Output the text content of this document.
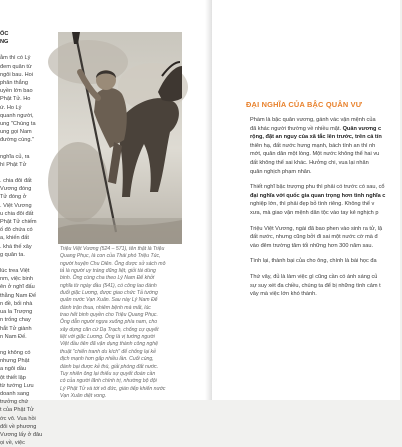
ỐC
NG
ằm thì có Lý
đem quân từ
ngôi bau. Hoi
phân thắng
uyền lớn bao
Phật Tử. Ho
ứ. Ho Lý
quanh người,
ung "Chúng ta
ung gọi Nam
đường cùng."
nghĩa củ, ra
hì Phật Tử
. chia đôi đất
Vương đóng
Tử đóng ở
. Việt Vương
u chia đôi đất
Phật Tử chiếm
ố đô chứa có
a, khiến đất
. khá thế xây
g quân ta.
lúc trea Việt
nm, việc binh
ên ở nghĩ đấu
thằng Nam Đế
n đề, bối nhà
ua la Trượng
n trống chay
hắt Tử giành
n Nam Đế.
ng không có
nhưng Phật
a ngôi dầu
ột thiết lập
từ tướng Lưu
doanh sang
trưởng chứ
t của Phật Tử
ớc vô. Vua hồi
đổi về phương
Vương lấy ở đâu
ọi về, việc
Triệu Việt Vương (524 – 571), tên thật là Triệu
Quang Phục, là con của Thái phó Triệu Túc,
người huyện Chu Diên. Ông được sử sách mô
tả là người uy tráng dũng liệt, giỏi tài dùng
binh. Ông cùng cha theo Lý Nam Đế khởi
nghĩa từ ngày đầu (541), có công lao đánh
đuổi giặc Lương, được giao chức Tả tướng
quân nước Vạn Xuân. Sau này Lý Nam Đế
đánh trận thua, nhiêm bệnh mà mất, lúc
trao hết binh quyền cho Triệu Quang Phục.
Ông dẫn người ngựa xuống phía nam, cho
xây dựng căn cứ Dạ Trạch, chống cự quyết
liệt với giặc Lương. Ông là vị tướng người
Việt đầu tiên đã vận dụng thành công nghệ
thuật "chiến tranh du kích" để chống lại kẻ
địch mạnh hơn gấp nhiều lần. Cuối cùng,
đánh bại được kẻ thù, giải phóng đất nước.
Tuy nhiên ông lại thiếu sự quyết đoán cần
có của người lãnh chính trị, nhường bộ đội
Lý Phật Tử và tới vô đức, gián tiếp khiến nước
Vạn Xuân diệt vong.
ĐẠI NGHĨA CỦA BẬC QUÂN VƯ
Phàm là bậc quân vương, gánh vác vận mệnh của
đã khác người thường về nhiều mặt. Quân vương c
rộng, đặt an nguy của xã tắc lên trước, trên cả tín
thiên hạ, đất nước hưng mạnh, bách tính an thì nh
mớt, quân dân một lòng. Một nước không thể hai vu
đất không thể sai khác. Hưởng chi, vua lại nhân
quân nghịch phạm nhân.
Thiết nghĩ bậc trượng phu thì phải có trước có sau, cổ
đại nghĩa với quốc gia quan trọng hơn tình nghĩa c
nghiệp lớn, thì phải đẹp bỏ tình riêng. Không thể v
xưa, mà giao vận mệnh dân tộc vào tay kẻ nghịch p
Triệu Việt Vương, ngài đã bao phen vào sinh ra tử, lậ
đất nước, nhưng cũng bởi đi sai một nước cờ mà đ
vào đêm trường tăm tối những hơn 300 năm sau.
Tình lại, thành bại của cho ông, chính là bài học đa
Thứ vây, đủ là làm việc gì cũng cần có ánh sáng củ
sự suy xét đa chiều, chúng ta để bị những tình cảm t
vây mà việc lớn khó thành.
